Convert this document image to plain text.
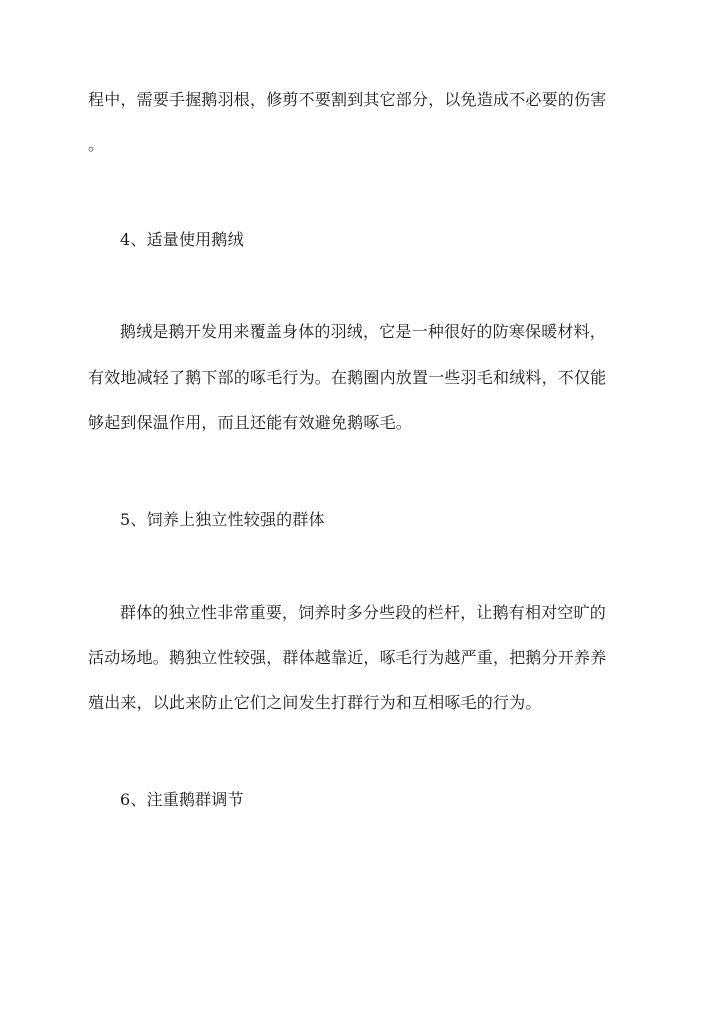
程中，需要手握鹅羽根，修剪不要割到其它部分，以免造成不必要的伤害
。
4、适量使用鹅绒
鹅绒是鹅开发用来覆盖身体的羽绒，它是一种很好的防寒保暖材料，
有效地减轻了鹅下部的啄毛行为。在鹅圈内放置一些羽毛和绒料，不仅能
够起到保温作用，而且还能有效避免鹅啄毛。
5、饲养上独立性较强的群体
群体的独立性非常重要，饲养时多分些段的栏杆，让鹅有相对空旷的
活动场地。鹅独立性较强，群体越靠近，啄毛行为越严重，把鹅分开养养
殖出来，以此来防止它们之间发生打群行为和互相啄毛的行为。
6、注重鹅群调节
